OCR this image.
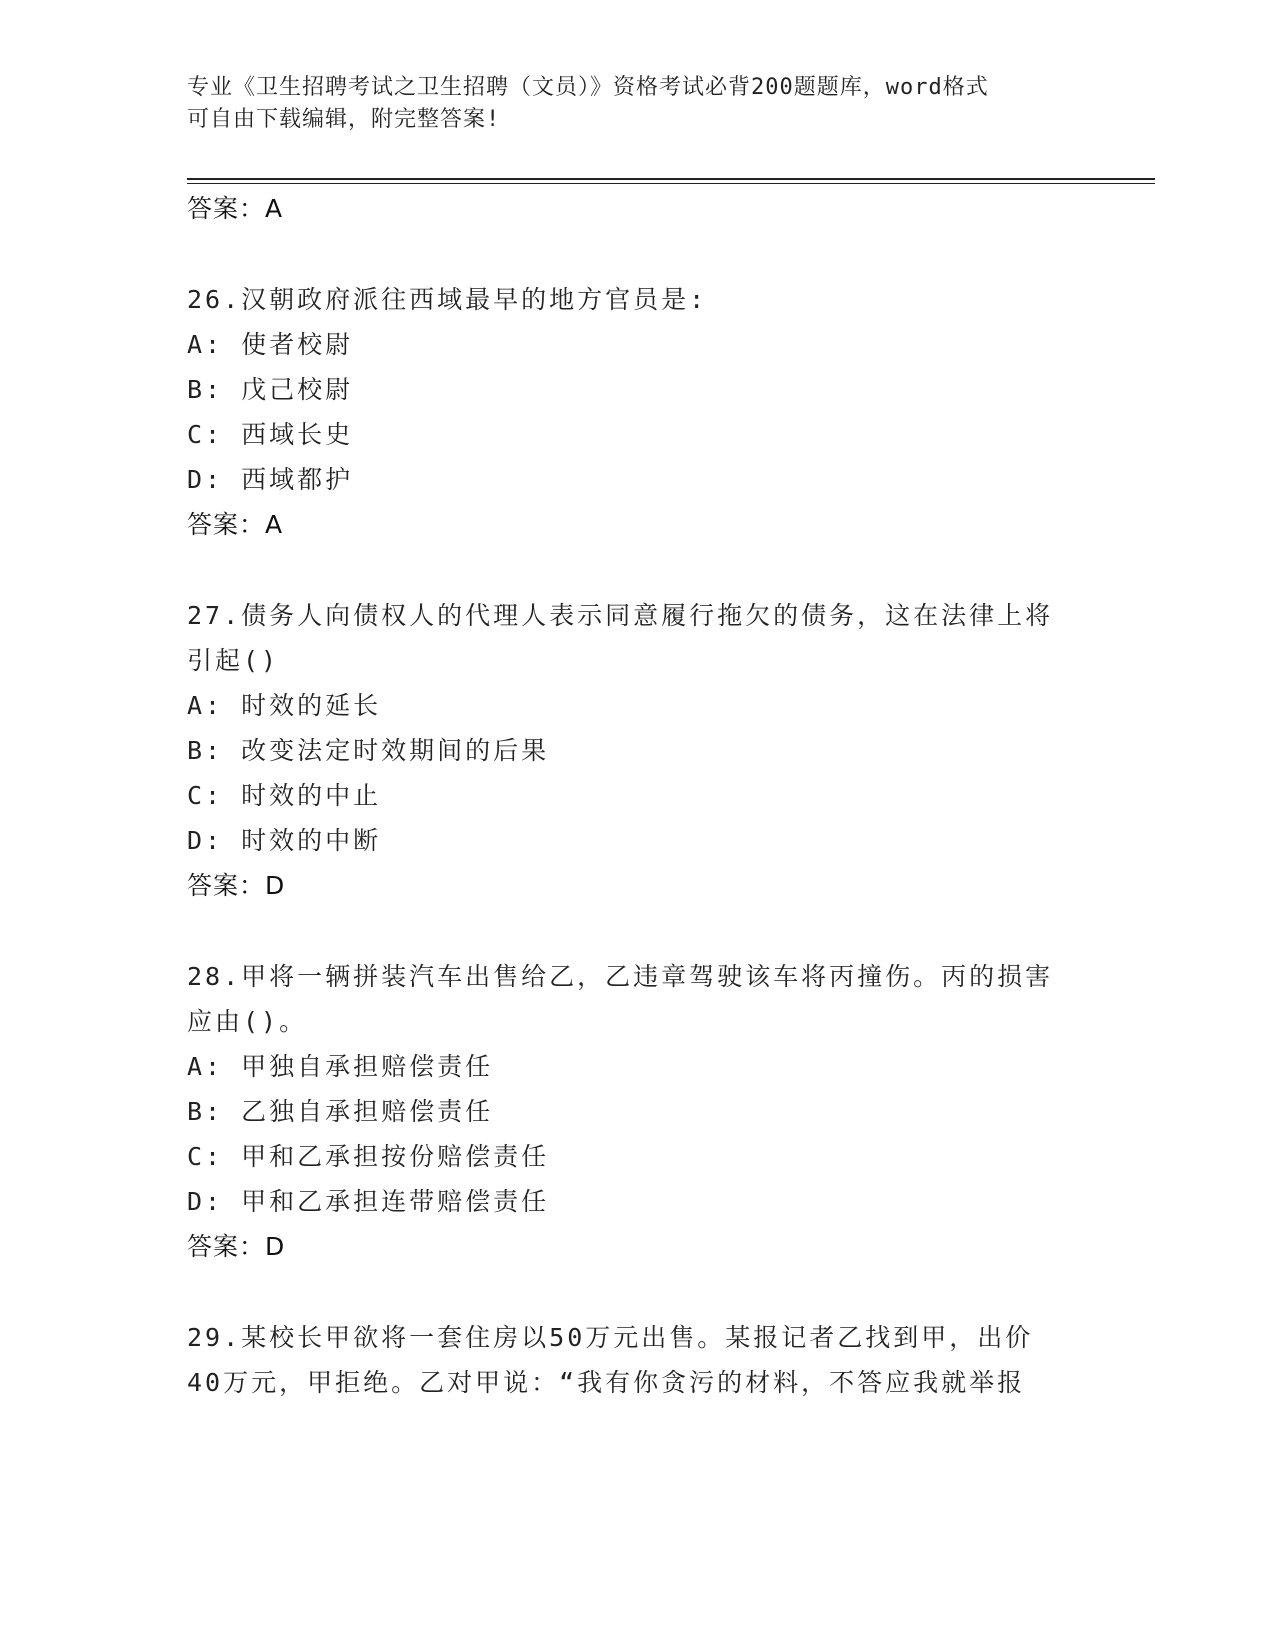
专业《卫生招聘考试之卫生招聘（文员）》资格考试必背200题题库，word格式
可自由下载编辑，附完整答案!
答案：A
26.汉朝政府派往西域最早的地方官员是:
A: 使者校尉
B: 戊己校尉
C: 西域长史
D: 西域都护
答案：A
27.债务人向债权人的代理人表示同意履行拖欠的债务，这在法律上将
引起()
A: 时效的延长
B: 改变法定时效期间的后果
C: 时效的中止
D: 时效的中断
答案：D
28.甲将一辆拼装汽车出售给乙，乙违章驾驶该车将丙撞伤。丙的损害
应由()。
A: 甲独自承担赔偿责任
B: 乙独自承担赔偿责任
C: 甲和乙承担按份赔偿责任
D: 甲和乙承担连带赔偿责任
答案：D
29.某校长甲欲将一套住房以50万元出售。某报记者乙找到甲，出价
40万元，甲拒绝。乙对甲说：“我有你贪污的材料，不答应我就举报
